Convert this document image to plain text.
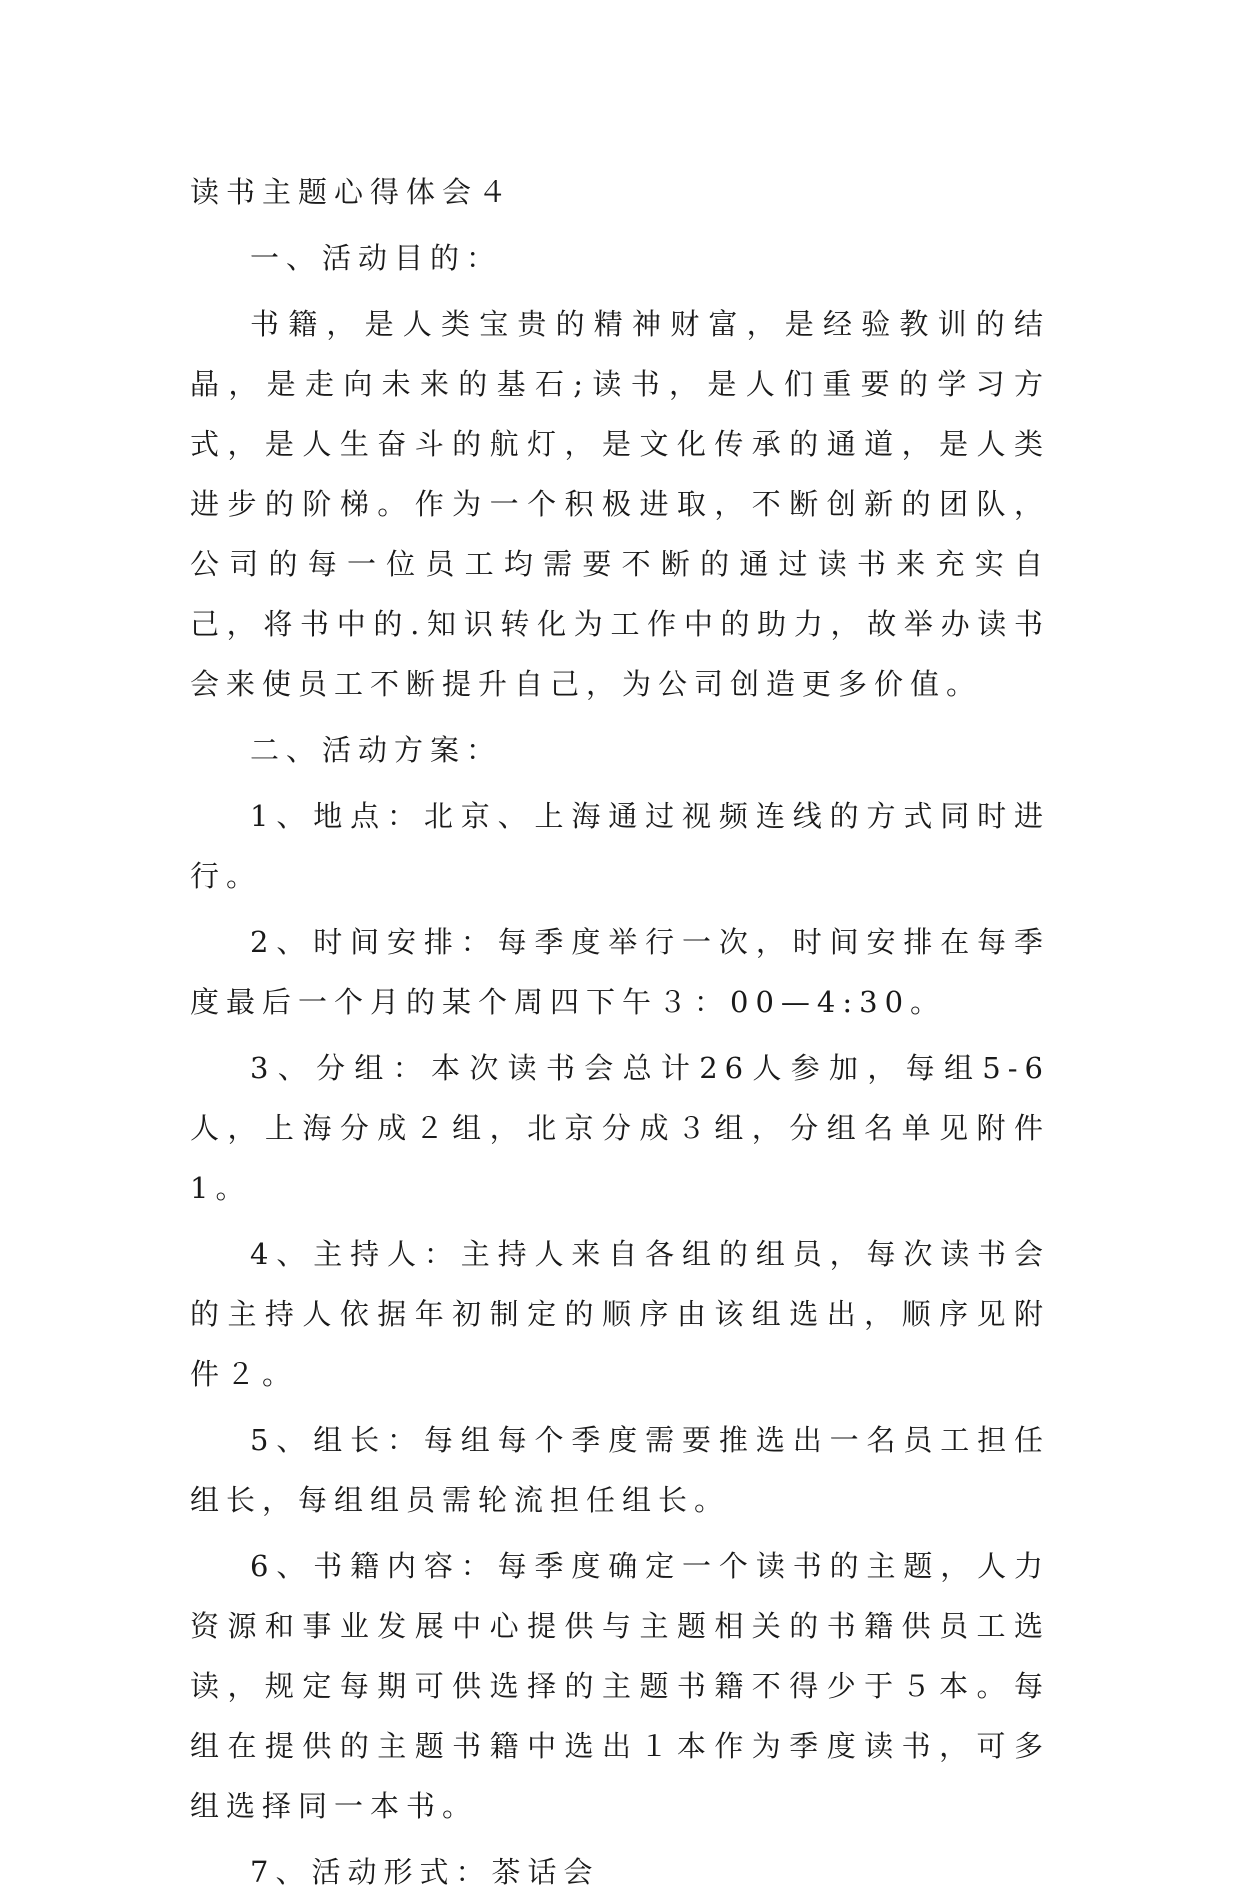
读书主题心得体会４

一、活动目的：

书籍，是人类宝贵的精神财富，是经验教训的结晶，是走向未来的基石;读书，是人们重要的学习方式，是人生奋斗的航灯，是文化传承的通道，是人类进步的阶梯。作为一个积极进取，不断创新的团队，公司的每一位员工均需要不断的通过读书来充实自己，将书中的.知识转化为工作中的助力，故举办读书会来使员工不断提升自己，为公司创造更多价值。

二、活动方案：

1、地点：北京、上海通过视频连线的方式同时进行。

2、时间安排：每季度举行一次，时间安排在每季度最后一个月的某个周四下午３：00—4:30。

3、分组：本次读书会总计26人参加，每组5-6人，上海分成２组，北京分成３组，分组名单见附件1。

4、主持人：主持人来自各组的组员，每次读书会的主持人依据年初制定的顺序由该组选出，顺序见附件２。

5、组长：每组每个季度需要推选出一名员工担任组长，每组组员需轮流担任组长。

6、书籍内容：每季度确定一个读书的主题，人力资源和事业发展中心提供与主题相关的书籍供员工选读，规定每期可供选择的主题书籍不得少于５本。每组在提供的主题书籍中选出１本作为季度读书，可多组选择同一本书。

7、活动形式：茶话会
